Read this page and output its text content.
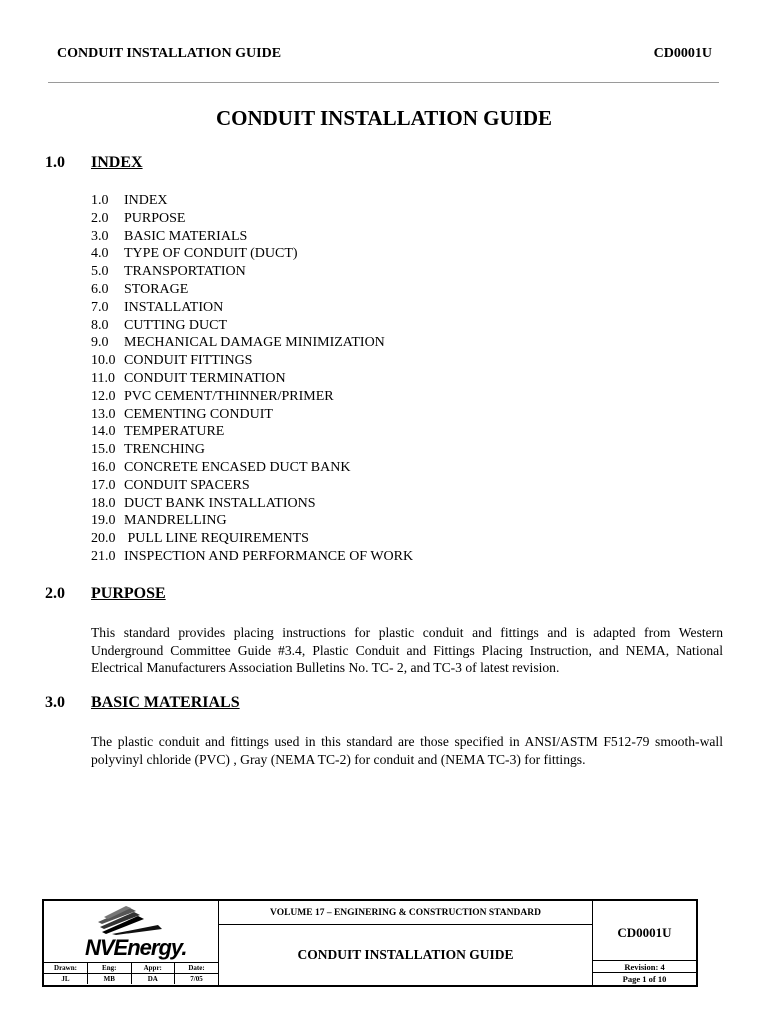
CONDUIT INSTALLATION GUIDE	CD0001U
CONDUIT INSTALLATION GUIDE
1.0 INDEX
1.0 INDEX
2.0 PURPOSE
3.0 BASIC MATERIALS
4.0 TYPE OF CONDUIT (DUCT)
5.0 TRANSPORTATION
6.0 STORAGE
7.0 INSTALLATION
8.0 CUTTING DUCT
9.0 MECHANICAL DAMAGE MINIMIZATION
10.0 CONDUIT FITTINGS
11.0 CONDUIT TERMINATION
12.0 PVC CEMENT/THINNER/PRIMER
13.0 CEMENTING CONDUIT
14.0 TEMPERATURE
15.0 TRENCHING
16.0 CONCRETE ENCASED DUCT BANK
17.0 CONDUIT SPACERS
18.0 DUCT BANK INSTALLATIONS
19.0 MANDRELLING
20.0 PULL LINE REQUIREMENTS
21.0 INSPECTION AND PERFORMANCE OF WORK
2.0 PURPOSE

This standard provides placing instructions for plastic conduit and fittings and is adapted from Western Underground Committee Guide #3.4, Plastic Conduit and Fittings Placing Instruction, and NEMA, National Electrical Manufacturers Association Bulletins No. TC- 2, and TC-3 of latest revision.

3.0 BASIC MATERIALS

The plastic conduit and fittings used in this standard are those specified in ANSI/ASTM F512-79 smooth-wall polyvinyl chloride (PVC) , Gray (NEMA TC-2) for conduit and (NEMA TC-3) for fittings.

NVEnergy.
Drawn:	Eng:	Appr:	Date:
JL	MB	DA	7/05
VOLUME 17 – ENGINERING & CONSTRUCTION STANDARD
CONDUIT INSTALLATION GUIDE
CD0001U
Revision: 4
Page 1 of 10
